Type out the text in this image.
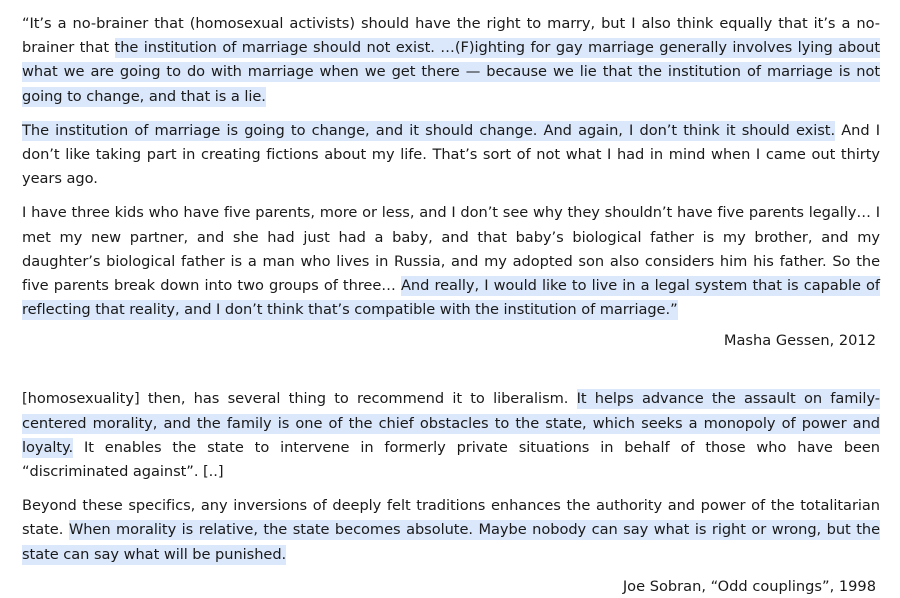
“It’s a no-brainer that (homosexual activists) should have the right to marry, but I also think equally that it’s a no-brainer that the institution of marriage should not exist. …(F)ighting for gay marriage generally involves lying about what we are going to do with marriage when we get there — because we lie that the institution of marriage is not going to change, and that is a lie.

The institution of marriage is going to change, and it should change. And again, I don’t think it should exist. And I don’t like taking part in creating fictions about my life. That’s sort of not what I had in mind when I came out thirty years ago.

I have three kids who have five parents, more or less, and I don’t see why they shouldn’t have five parents legally… I met my new partner, and she had just had a baby, and that baby’s biological father is my brother, and my daughter’s biological father is a man who lives in Russia, and my adopted son also considers him his father. So the five parents break down into two groups of three… And really, I would like to live in a legal system that is capable of reflecting that reality, and I don’t think that’s compatible with the institution of marriage.”

Masha Gessen, 2012

[homosexuality] then, has several thing to recommend it to liberalism. It helps advance the assault on family-centered morality, and the family is one of the chief obstacles to the state, which seeks a monopoly of power and loyalty. It enables the state to intervene in formerly private situations in behalf of those who have been “discriminated against”. [..]

Beyond these specifics, any inversions of deeply felt traditions enhances the authority and power of the totalitarian state. When morality is relative, the state becomes absolute. Maybe nobody can say what is right or wrong, but the state can say what will be punished.

Joe Sobran, “Odd couplings”, 1998
